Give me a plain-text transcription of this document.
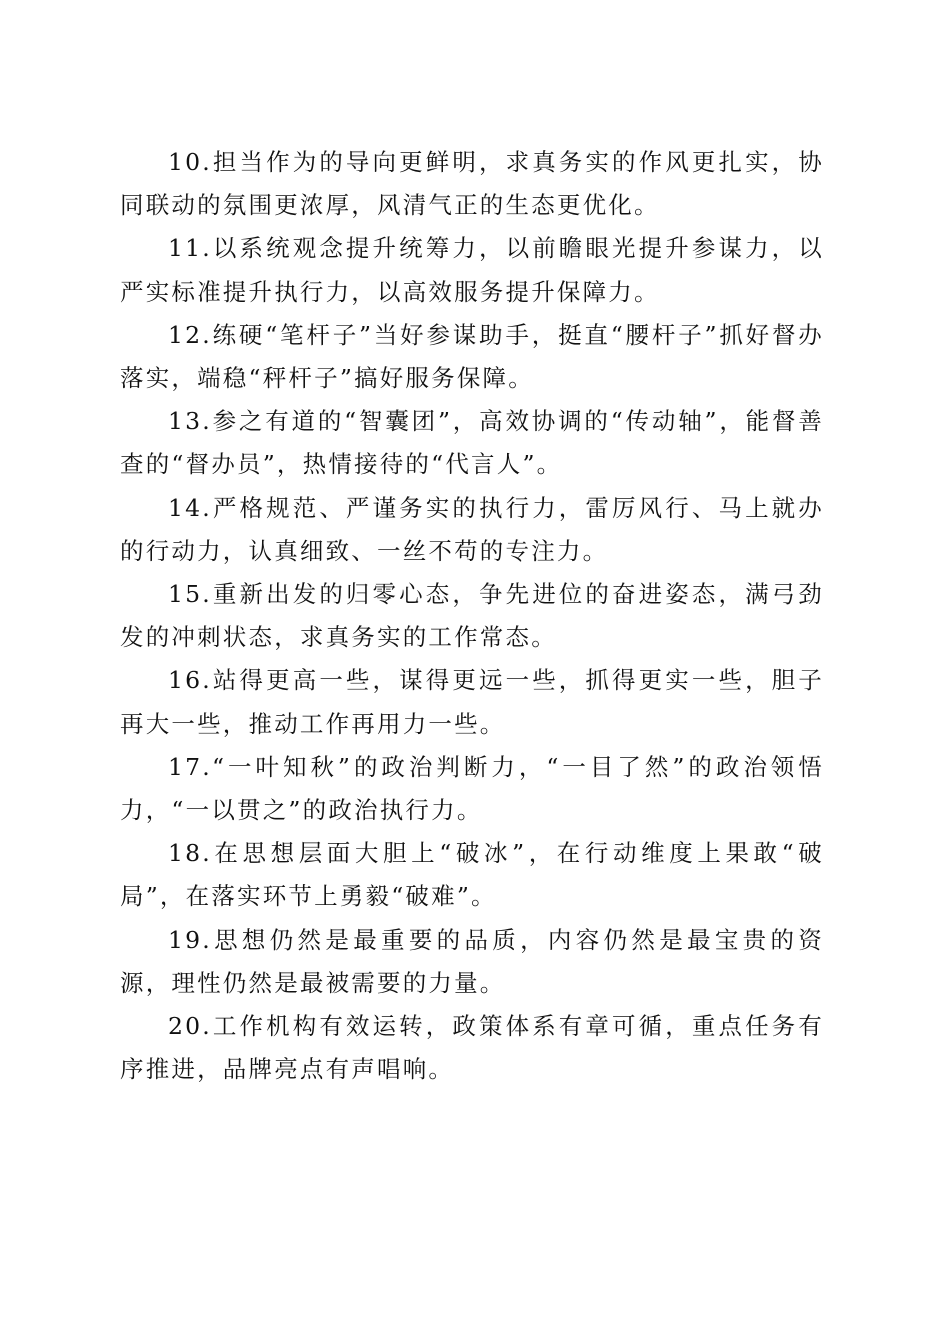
10.担当作为的导向更鲜明，求真务实的作风更扎实，协同联动的氛围更浓厚，风清气正的生态更优化。

11.以系统观念提升统筹力，以前瞻眼光提升参谋力，以严实标准提升执行力，以高效服务提升保障力。

12.练硬“笔杆子”当好参谋助手，挺直“腰杆子”抓好督办落实，端稳“秤杆子”搞好服务保障。

13.参之有道的“智囊团”，高效协调的“传动轴”，能督善查的“督办员”，热情接待的“代言人”。

14.严格规范、严谨务实的执行力，雷厉风行、马上就办的行动力，认真细致、一丝不苟的专注力。

15.重新出发的归零心态，争先进位的奋进姿态，满弓劲发的冲刺状态，求真务实的工作常态。

16.站得更高一些，谋得更远一些，抓得更实一些，胆子再大一些，推动工作再用力一些。

17.“一叶知秋”的政治判断力，“一目了然”的政治领悟力，“一以贯之”的政治执行力。

18.在思想层面大胆上“破冰”，在行动维度上果敢“破局”，在落实环节上勇毅“破难”。

19.思想仍然是最重要的品质，内容仍然是最宝贵的资源，理性仍然是最被需要的力量。

20.工作机构有效运转，政策体系有章可循，重点任务有序推进，品牌亮点有声唱响。
